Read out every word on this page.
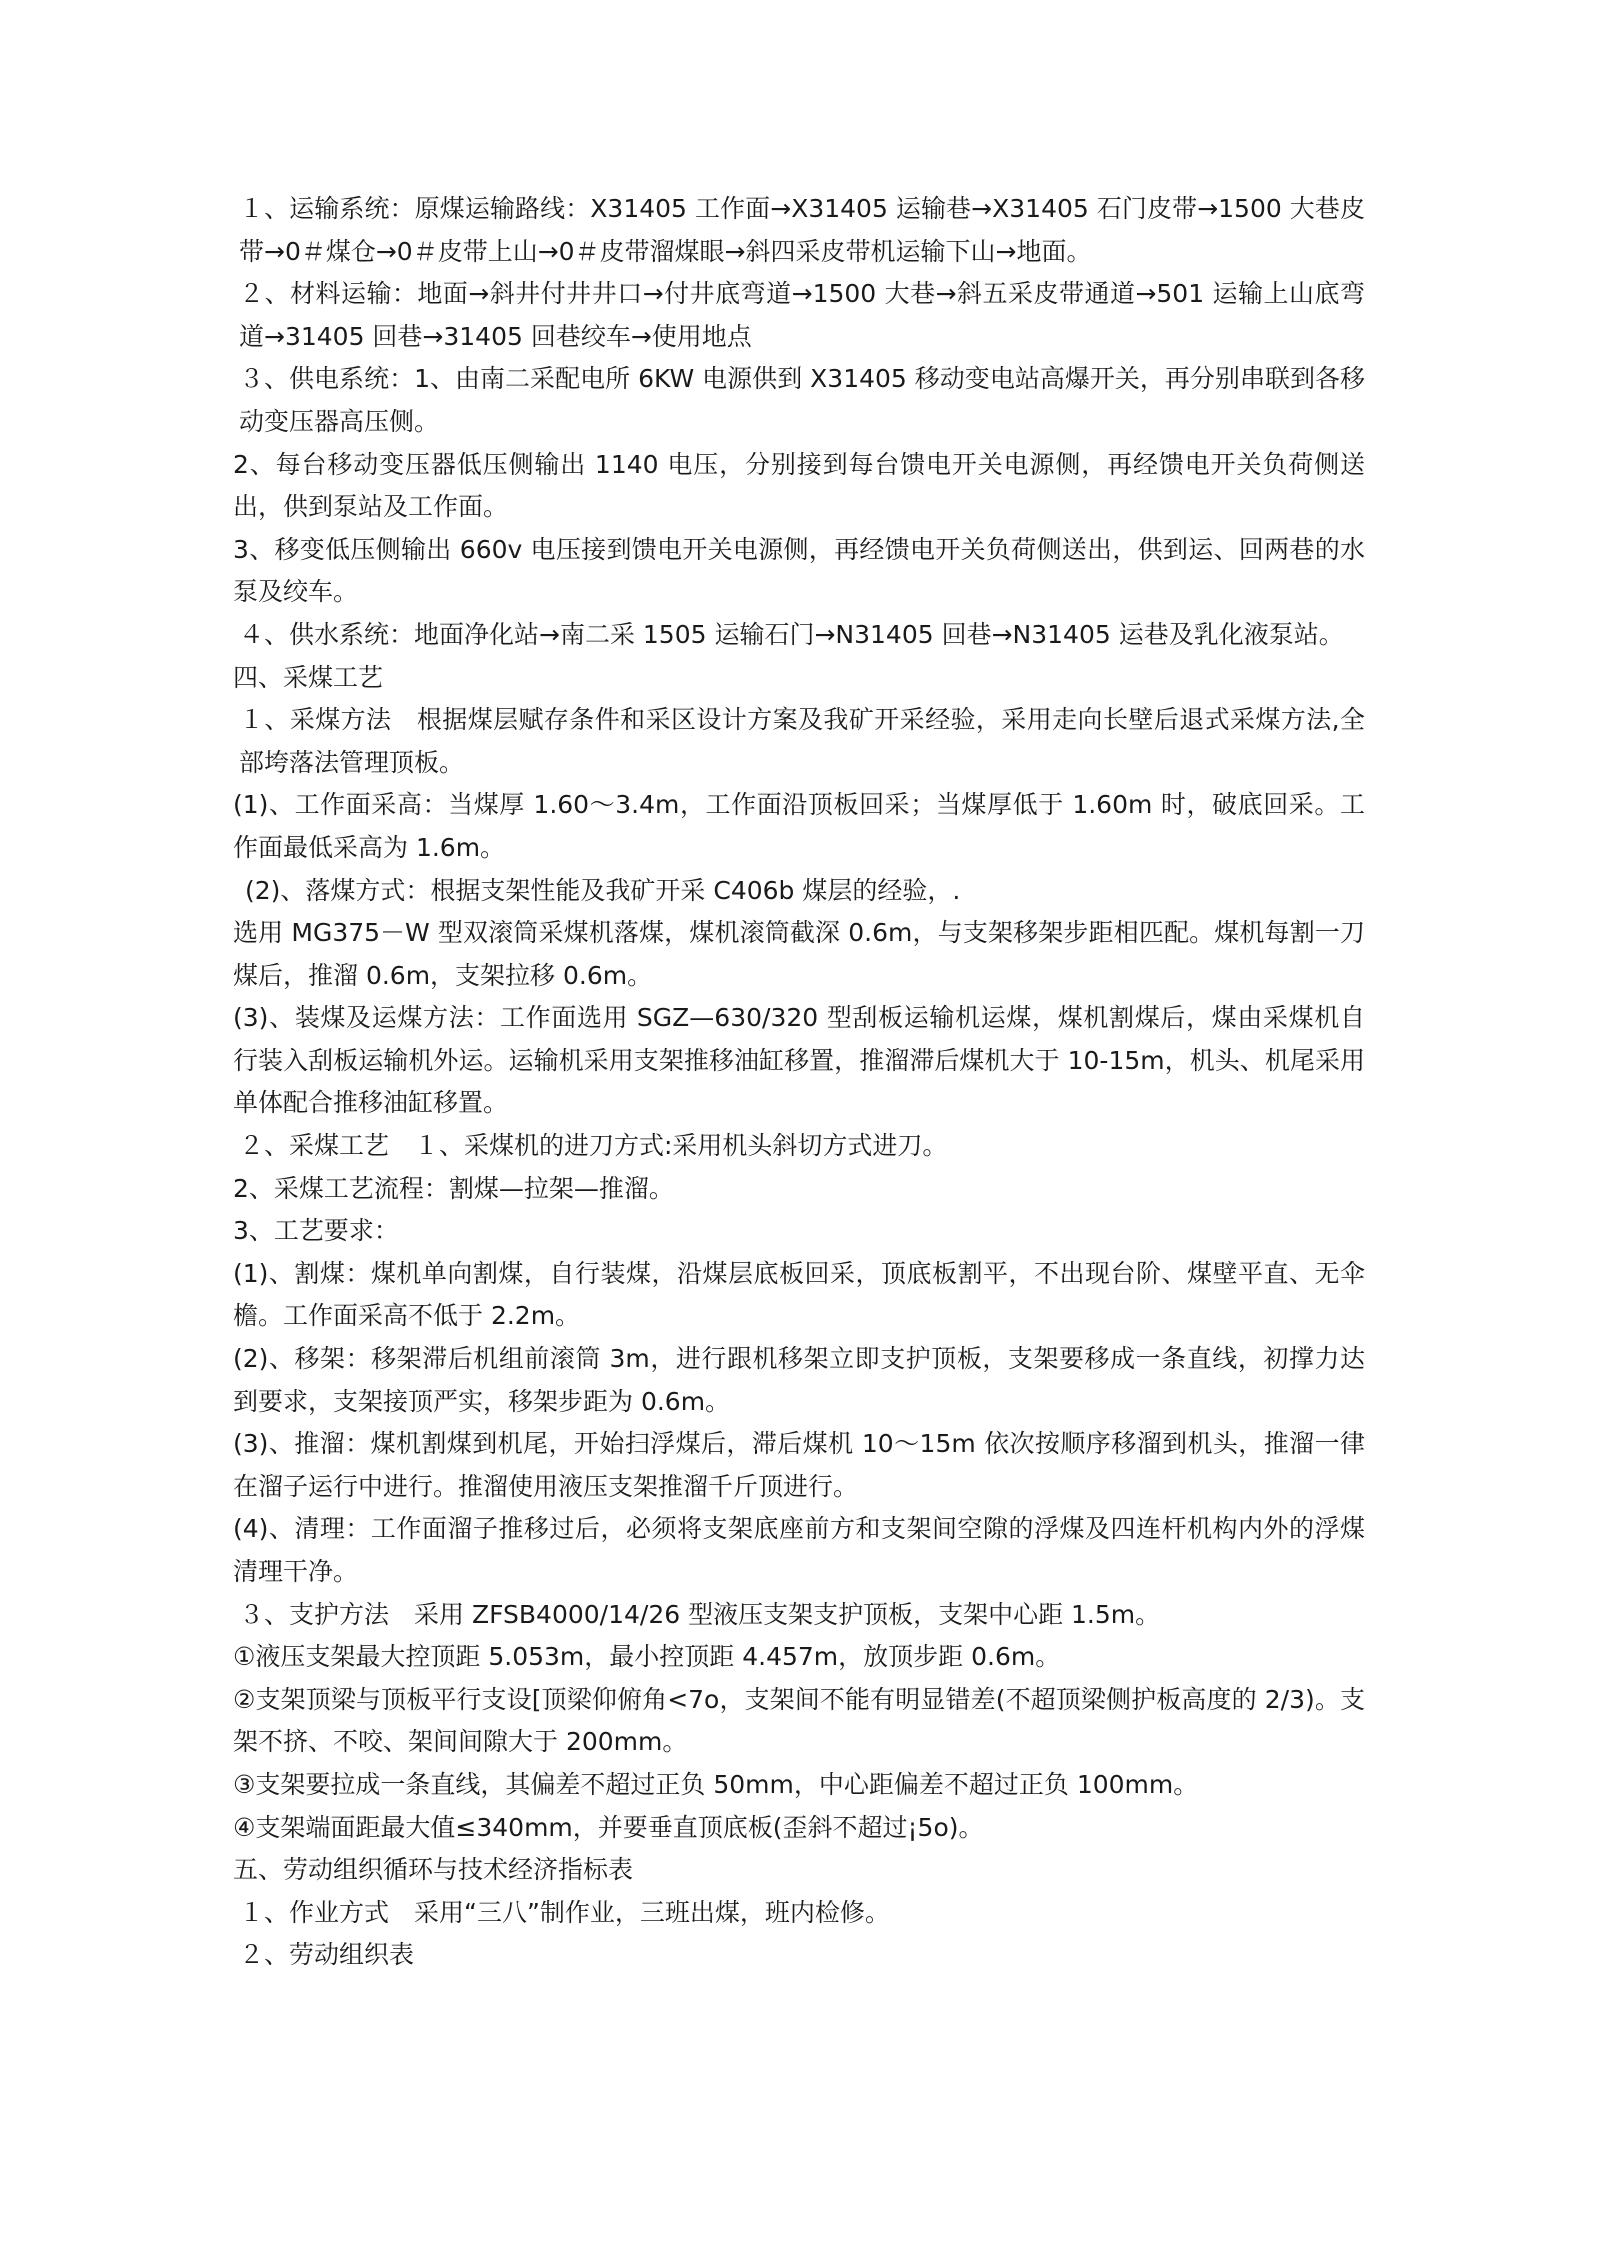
１、运输系统：原煤运输路线：X31405 工作面→X31405 运输巷→X31405 石门皮带→1500 大巷皮带→0＃煤仓→0＃皮带上山→0＃皮带溜煤眼→斜四采皮带机运输下山→地面。

２、材料运输：地面→斜井付井井口→付井底弯道→1500 大巷→斜五采皮带通道→501 运输上山底弯道→31405 回巷→31405 回巷绞车→使用地点

３、供电系统：1、由南二采配电所 6KW 电源供到 X31405 移动变电站高爆开关，再分别串联到各移动变压器高压侧。

2、每台移动变压器低压侧输出 1140 电压，分别接到每台馈电开关电源侧，再经馈电开关负荷侧送出，供到泵站及工作面。

3、移变低压侧输出 660v 电压接到馈电开关电源侧，再经馈电开关负荷侧送出，供到运、回两巷的水泵及绞车。

４、供水系统：地面净化站→南二采 1505 运输石门→N31405 回巷→N31405 运巷及乳化液泵站。

四、采煤工艺

１、采煤方法　根据煤层赋存条件和采区设计方案及我矿开采经验，采用走向长壁后退式采煤方法,全部垮落法管理顶板。

(1)、工作面采高：当煤厚 1.60～3.4m，工作面沿顶板回采；当煤厚低于 1.60m 时，破底回采。工作面最低采高为 1.6m。

(2)、落煤方式：根据支架性能及我矿开采 C406b 煤层的经验，.

选用 MG375－W 型双滚筒采煤机落煤，煤机滚筒截深 0.6m，与支架移架步距相匹配。煤机每割一刀煤后，推溜 0.6m，支架拉移 0.6m。

(3)、装煤及运煤方法：工作面选用 SGZ—630/320 型刮板运输机运煤，煤机割煤后，煤由采煤机自行装入刮板运输机外运。运输机采用支架推移油缸移置，推溜滞后煤机大于 10-15m，机头、机尾采用单体配合推移油缸移置。

２、采煤工艺　１、采煤机的进刀方式:采用机头斜切方式进刀。

2、采煤工艺流程：割煤—拉架—推溜。

3、工艺要求：

(1)、割煤：煤机单向割煤，自行装煤，沿煤层底板回采，顶底板割平，不出现台阶、煤壁平直、无伞檐。工作面采高不低于 2.2m。

(2)、移架：移架滞后机组前滚筒 3m，进行跟机移架立即支护顶板，支架要移成一条直线，初撑力达到要求，支架接顶严实，移架步距为 0.6m。

(3)、推溜：煤机割煤到机尾，开始扫浮煤后，滞后煤机 10～15m 依次按顺序移溜到机头，推溜一律在溜子运行中进行。推溜使用液压支架推溜千斤顶进行。

(4)、清理：工作面溜子推移过后，必须将支架底座前方和支架间空隙的浮煤及四连杆机构内外的浮煤清理干净。

３、支护方法　采用 ZFSB4000/14/26 型液压支架支护顶板，支架中心距 1.5m。

①液压支架最大控顶距 5.053m，最小控顶距 4.457m，放顶步距 0.6m。

②支架顶梁与顶板平行支设[顶梁仰俯角<7o，支架间不能有明显错差(不超顶梁侧护板高度的 2/3)。支架不挤、不咬、架间间隙大于 200mm。

③支架要拉成一条直线，其偏差不超过正负 50mm，中心距偏差不超过正负 100mm。

④支架端面距最大值≤340mm，并要垂直顶底板(歪斜不超过¡5o)。

五、劳动组织循环与技术经济指标表

１、作业方式　采用“三八”制作业，三班出煤，班内检修。

２、劳动组织表
